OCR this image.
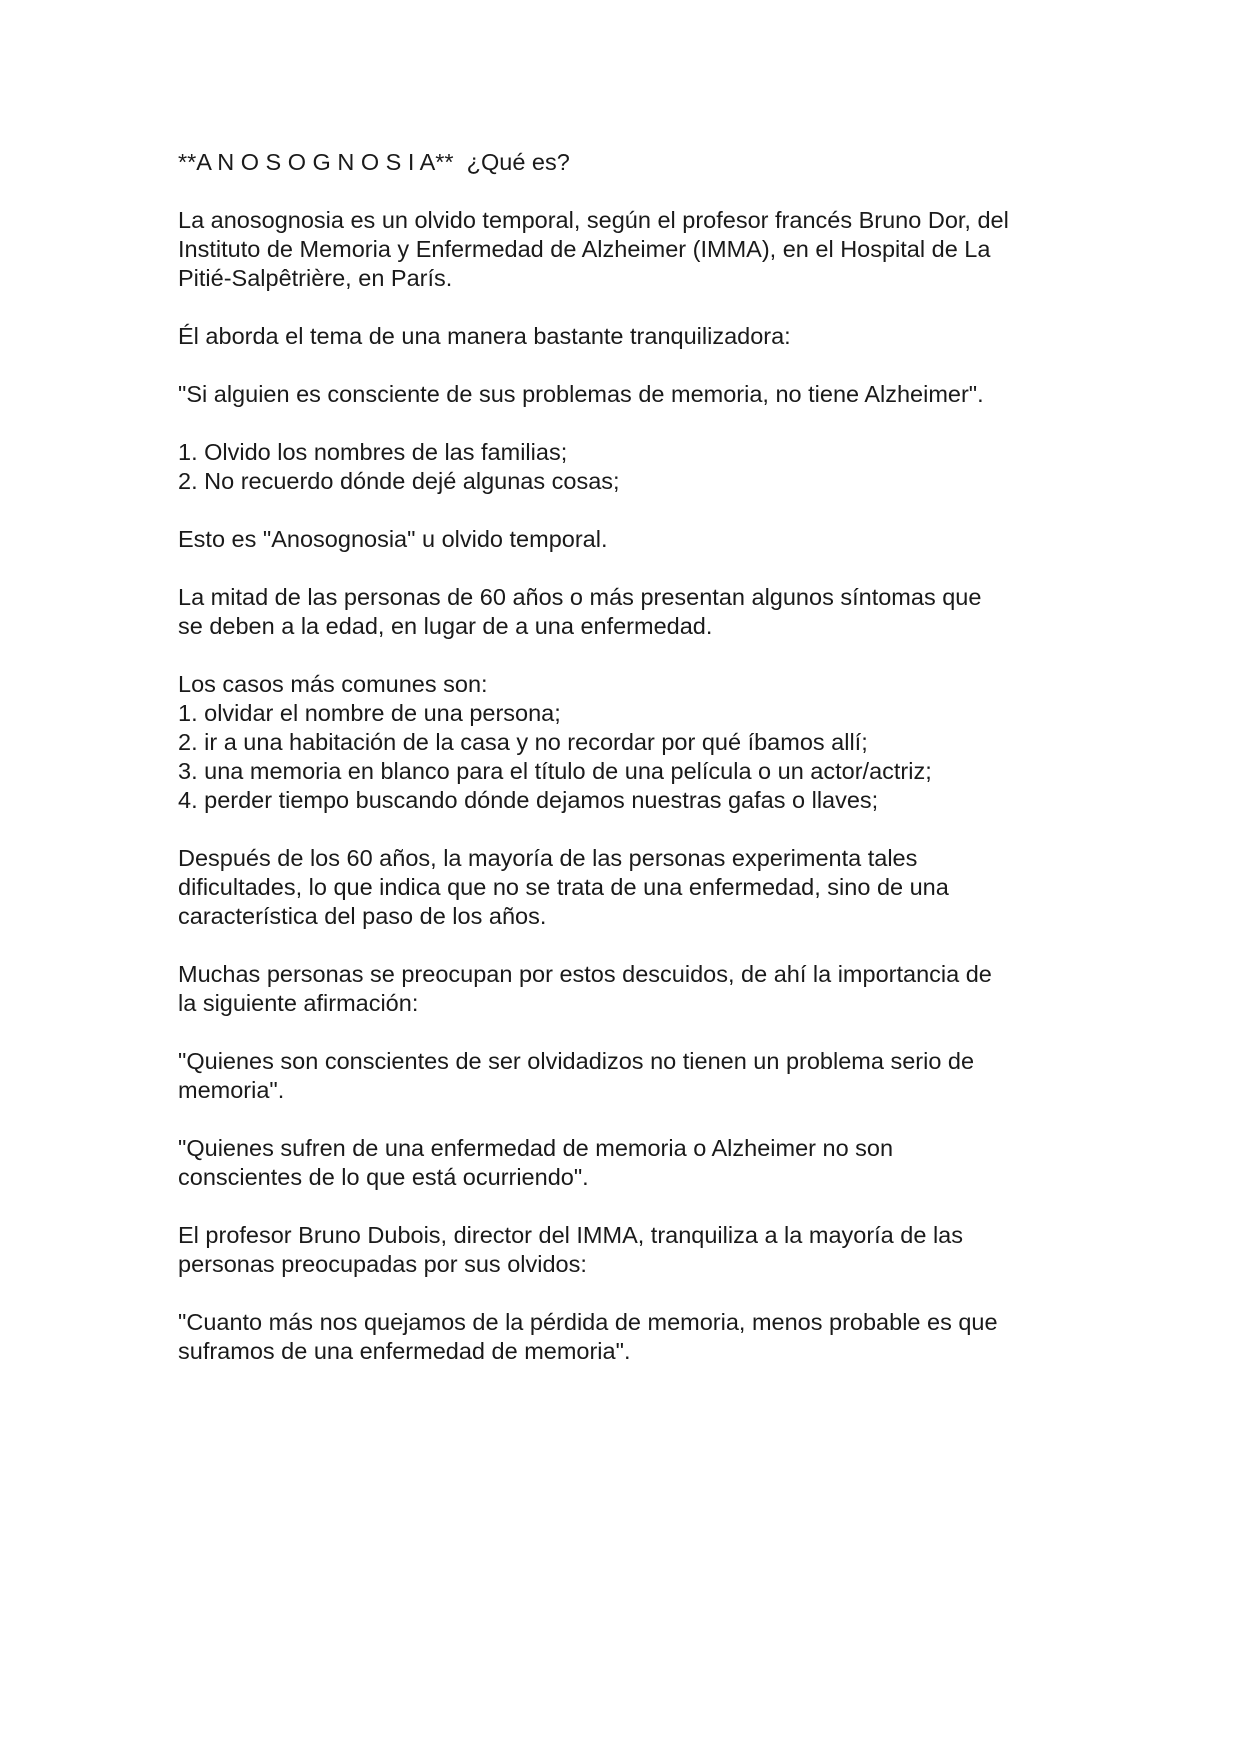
**A N O S O G N O S I A**  ¿Qué es?

La anosognosia es un olvido temporal, según el profesor francés Bruno Dor, del
Instituto de Memoria y Enfermedad de Alzheimer (IMMA), en el Hospital de La
Pitié-Salpêtrière, en París.

Él aborda el tema de una manera bastante tranquilizadora:

"Si alguien es consciente de sus problemas de memoria, no tiene Alzheimer".

1. Olvido los nombres de las familias;
2. No recuerdo dónde dejé algunas cosas;

Esto es "Anosognosia" u olvido temporal.

La mitad de las personas de 60 años o más presentan algunos síntomas que
se deben a la edad, en lugar de a una enfermedad.

Los casos más comunes son:
1. olvidar el nombre de una persona;
2. ir a una habitación de la casa y no recordar por qué íbamos allí;
3. una memoria en blanco para el título de una película o un actor/actriz;
4. perder tiempo buscando dónde dejamos nuestras gafas o llaves;

Después de los 60 años, la mayoría de las personas experimenta tales
dificultades, lo que indica que no se trata de una enfermedad, sino de una
característica del paso de los años.

Muchas personas se preocupan por estos descuidos, de ahí la importancia de
la siguiente afirmación:

"Quienes son conscientes de ser olvidadizos no tienen un problema serio de
memoria".

"Quienes sufren de una enfermedad de memoria o Alzheimer no son
conscientes de lo que está ocurriendo".

El profesor Bruno Dubois, director del IMMA, tranquiliza a la mayoría de las
personas preocupadas por sus olvidos:

"Cuanto más nos quejamos de la pérdida de memoria, menos probable es que
suframos de una enfermedad de memoria".
